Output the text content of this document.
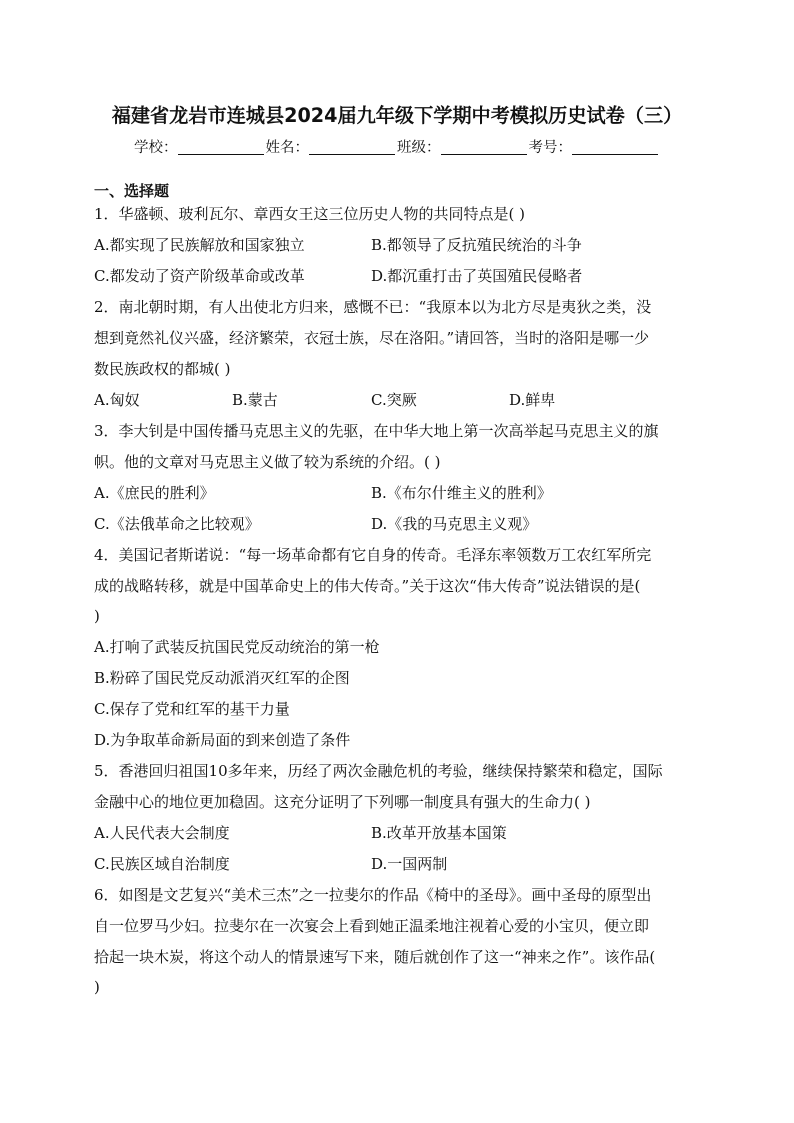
福建省龙岩市连城县2024届九年级下学期中考模拟历史试卷（三）
学校：	姓名：	班级：	考号：
一、选择题
1．华盛顿、玻利瓦尔、章西女王这三位历史人物的共同特点是( )
A.都实现了民族解放和国家独立	B.都领导了反抗殖民统治的斗争
C.都发动了资产阶级革命或改革	D.都沉重打击了英国殖民侵略者
2．南北朝时期，有人出使北方归来，感慨不已：“我原本以为北方尽是夷狄之类，没
想到竟然礼仪兴盛，经济繁荣，衣冠士族，尽在洛阳。”请回答，当时的洛阳是哪一少
数民族政权的都城( )
A.匈奴	B.蒙古	C.突厥	D.鲜卑
3．李大钊是中国传播马克思主义的先驱，在中华大地上第一次高举起马克思主义的旗
帜。他的文章对马克思主义做了较为系统的介绍。( )
A.《庶民的胜利》	B.《布尔什维主义的胜利》
C.《法俄革命之比较观》	D.《我的马克思主义观》
4．美国记者斯诺说：“每一场革命都有它自身的传奇。毛泽东率领数万工农红军所完
成的战略转移，就是中国革命史上的伟大传奇。”关于这次“伟大传奇”说法错误的是(
)
A.打响了武装反抗国民党反动统治的第一枪
B.粉碎了国民党反动派消灭红军的企图
C.保存了党和红军的基干力量
D.为争取革命新局面的到来创造了条件
5．香港回归祖国10多年来，历经了两次金融危机的考验，继续保持繁荣和稳定，国际
金融中心的地位更加稳固。这充分证明了下列哪一制度具有强大的生命力( )
A.人民代表大会制度	B.改革开放基本国策
C.民族区域自治制度	D.一国两制
6．如图是文艺复兴“美术三杰”之一拉斐尔的作品《椅中的圣母》。画中圣母的原型出
自一位罗马少妇。拉斐尔在一次宴会上看到她正温柔地注视着心爱的小宝贝，便立即
拾起一块木炭，将这个动人的情景速写下来，随后就创作了这一“神来之作”。该作品(
)
